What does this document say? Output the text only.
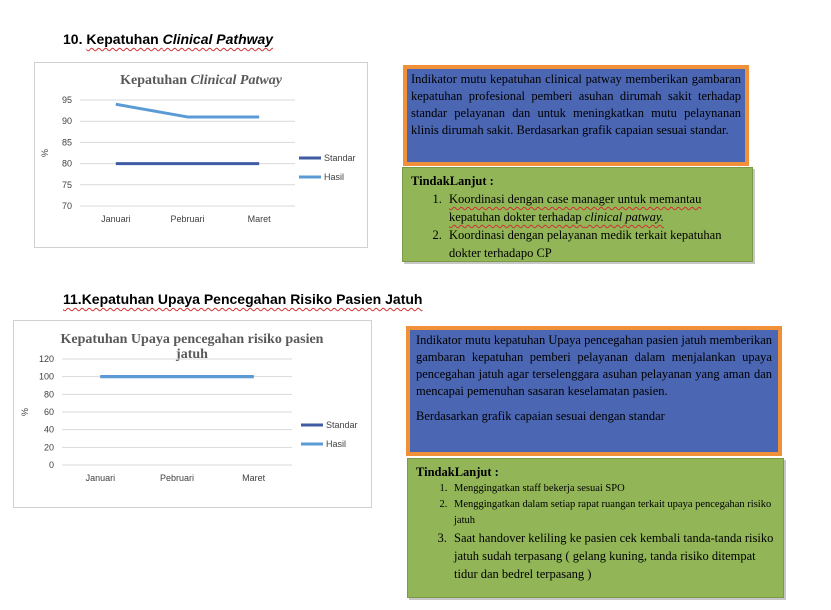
10. Kepatuhan Clinical Pathway
Kepatuhan Clinical Patway
70
75
80
85
90
95
%
Januari	Pebruari	Maret
Standar
Hasil

Indikator mutu kepatuhan clinical patway memberikan gambaran kepatuhan profesional pemberi asuhan dirumah sakit terhadap standar pelayanan dan untuk meningkatkan mutu pelaynanan klinis dirumah sakit. Berdasarkan grafik capaian sesuai standar.

TindakLanjut :
1. Koordinasi dengan case manager untuk memantau kepatuhan dokter terhadap clinical patway.
2. Koordinasi dengan pelayanan medik terkait kepatuhan dokter terhadapo CP
11.Kepatuhan Upaya Pencegahan Risiko Pasien Jatuh
Kepatuhan Upaya pencegahan risiko pasien
jatuh
0
20
40
60
80
100
120
%
Januari	Pebruari	Maret
Standar
Hasil

Indikator mutu kepatuhan Upaya pencegahan pasien jatuh memberikan gambaran kepatuhan pemberi pelayanan dalam menjalankan upaya pencegahan jatuh agar terselenggara asuhan pelayanan yang aman dan mencapai pemenuhan sasaran keselamatan pasien.

Berdasarkan grafik capaian sesuai dengan standar

TindakLanjut :
1. Menggingatkan staff bekerja sesuai SPO
2. Menggingatkan dalam setiap rapat ruangan terkait upaya pencegahan risiko jatuh
3. Saat handover keliling ke pasien cek kembali tanda-tanda risiko jatuh sudah terpasang ( gelang kuning, tanda risiko ditempat tidur dan bedrel terpasang )
